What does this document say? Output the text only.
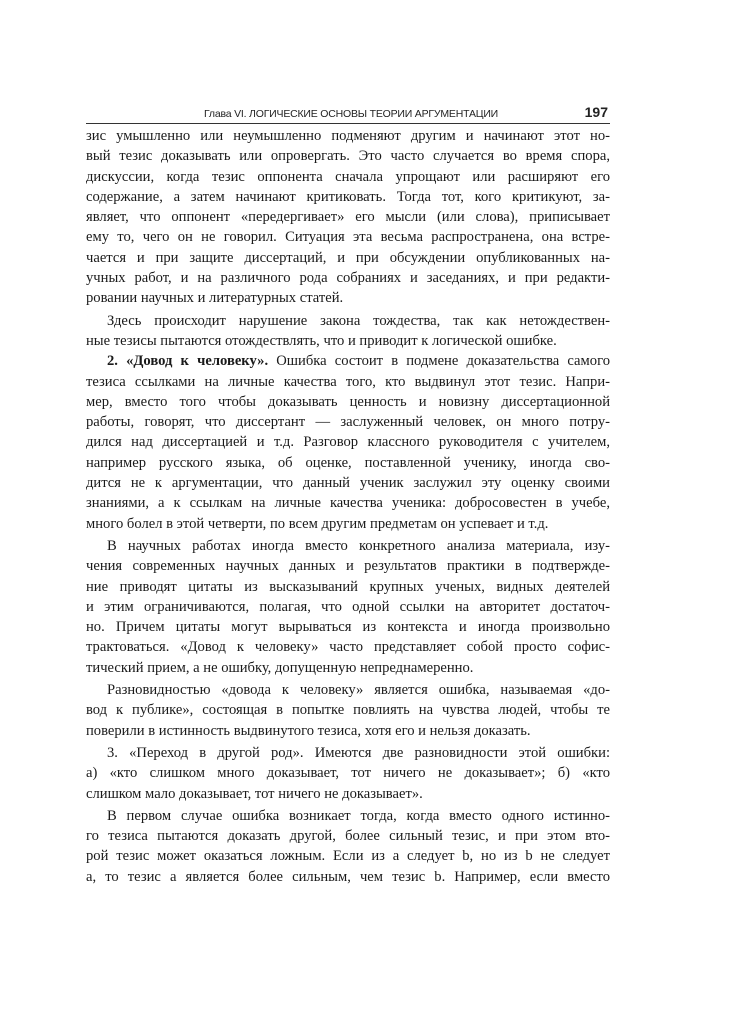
Глава VI. ЛОГИЧЕСКИЕ ОСНОВЫ ТЕОРИИ АРГУМЕНТАЦИИ	197
зис умышленно или неумышленно подменяют другим и начинают этот но-
вый тезис доказывать или опровергать. Это часто случается во время спора,
дискуссии, когда тезис оппонента сначала упрощают или расширяют его
содержание, а затем начинают критиковать. Тогда тот, кого критикуют, за-
являет, что оппонент «передергивает» его мысли (или слова), приписывает
ему то, чего он не говорил. Ситуация эта весьма распространена, она встре-
чается и при защите диссертаций, и при обсуждении опубликованных на-
учных работ, и на различного рода собраниях и заседаниях, и при редакти-
ровании научных и литературных статей.
Здесь происходит нарушение закона тождества, так как нетождествен-
ные тезисы пытаются отождествлять, что и приводит к логической ошибке.
2. «Довод к человеку». Ошибка состоит в подмене доказательства самого
тезиса ссылками на личные качества того, кто выдвинул этот тезис. Напри-
мер, вместо того чтобы доказывать ценность и новизну диссертационной
работы, говорят, что диссертант — заслуженный человек, он много потру-
дился над диссертацией и т.д. Разговор классного руководителя с учителем,
например русского языка, об оценке, поставленной ученику, иногда сво-
дится не к аргументации, что данный ученик заслужил эту оценку своими
знаниями, а к ссылкам на личные качества ученика: добросовестен в учебе,
много болел в этой четверти, по всем другим предметам он успевает и т.д.
В научных работах иногда вместо конкретного анализа материала, изу-
чения современных научных данных и результатов практики в подтвержде-
ние приводят цитаты из высказываний крупных ученых, видных деятелей
и этим ограничиваются, полагая, что одной ссылки на авторитет достаточ-
но. Причем цитаты могут вырываться из контекста и иногда произвольно
трактоваться. «Довод к человеку» часто представляет собой просто софис-
тический прием, а не ошибку, допущенную непреднамеренно.
Разновидностью «довода к человеку» является ошибка, называемая «до-
вод к публике», состоящая в попытке повлиять на чувства людей, чтобы те
поверили в истинность выдвинутого тезиса, хотя его и нельзя доказать.
3. «Переход в другой род». Имеются две разновидности этой ошибки:
а) «кто слишком много доказывает, тот ничего не доказывает»; б) «кто
слишком мало доказывает, тот ничего не доказывает».
В первом случае ошибка возникает тогда, когда вместо одного истинно-
го тезиса пытаются доказать другой, более сильный тезис, и при этом вто-
рой тезис может оказаться ложным. Если из a следует b, но из b не следует
a, то тезис a является более сильным, чем тезис b. Например, если вместо
